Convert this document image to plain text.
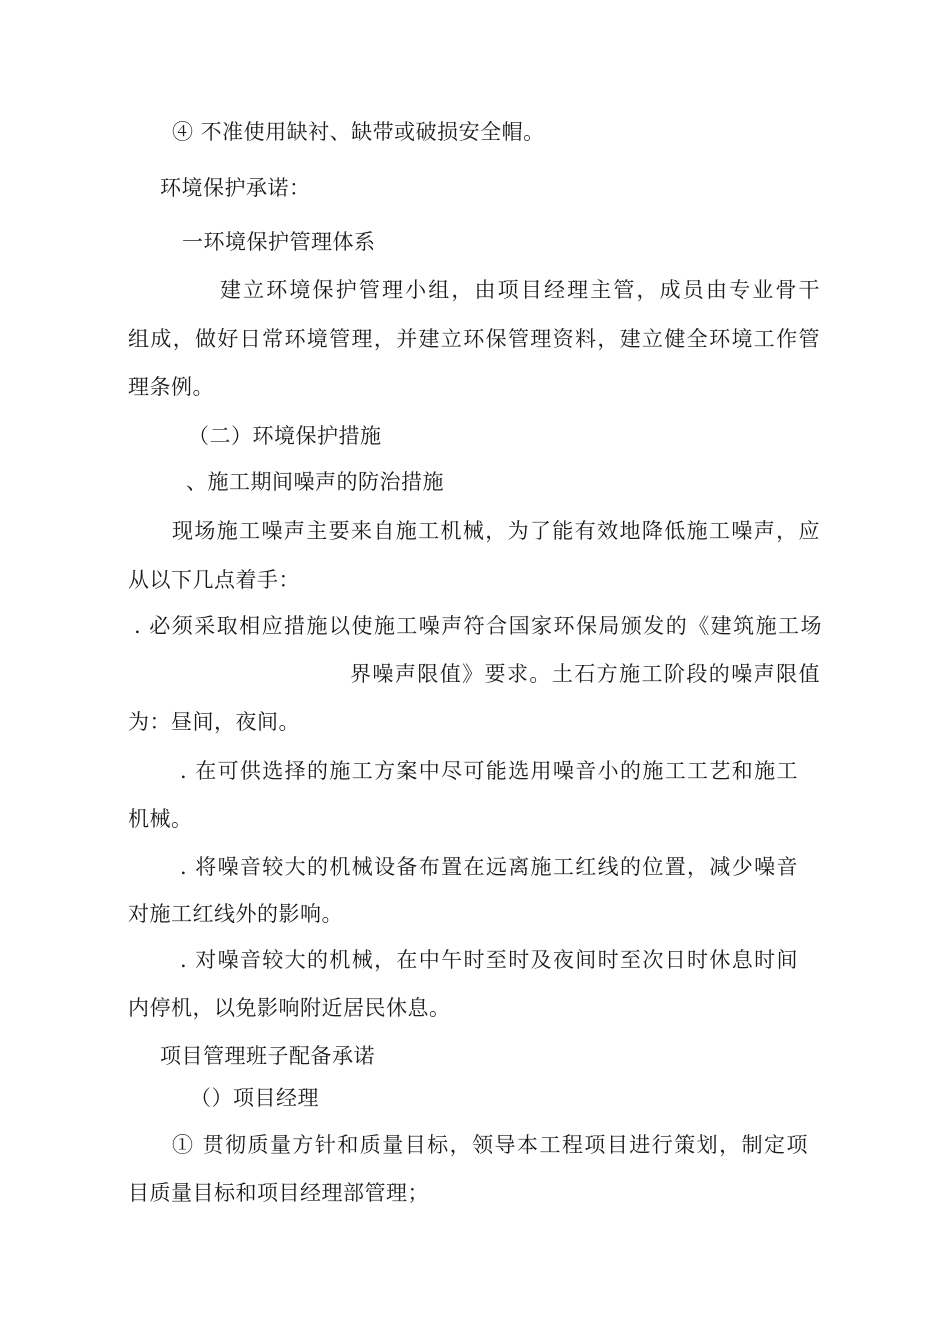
④ 不准使用缺衬、缺带或破损安全帽。
环境保护承诺：
一环境保护管理体系
建立环境保护管理小组，由项目经理主管，成员由专业骨干
组成，做好日常环境管理，并建立环保管理资料，建立健全环境工作管
理条例。
（二）环境保护措施
、施工期间噪声的防治措施
现场施工噪声主要来自施工机械，为了能有效地降低施工噪声，应
从以下几点着手：
. 必须采取相应措施以使施工噪声符合国家环保局颁发的《建筑施工场
界噪声限值》要求。土石方施工阶段的噪声限值
为：昼间，夜间。
. 在可供选择的施工方案中尽可能选用噪音小的施工工艺和施工
机械。
. 将噪音较大的机械设备布置在远离施工红线的位置，减少噪音
对施工红线外的影响。
. 对噪音较大的机械，在中午时至时及夜间时至次日时休息时间
内停机，以免影响附近居民休息。
项目管理班子配备承诺
（）项目经理
① 贯彻质量方针和质量目标，领导本工程项目进行策划，制定项
目质量目标和项目经理部管理；
